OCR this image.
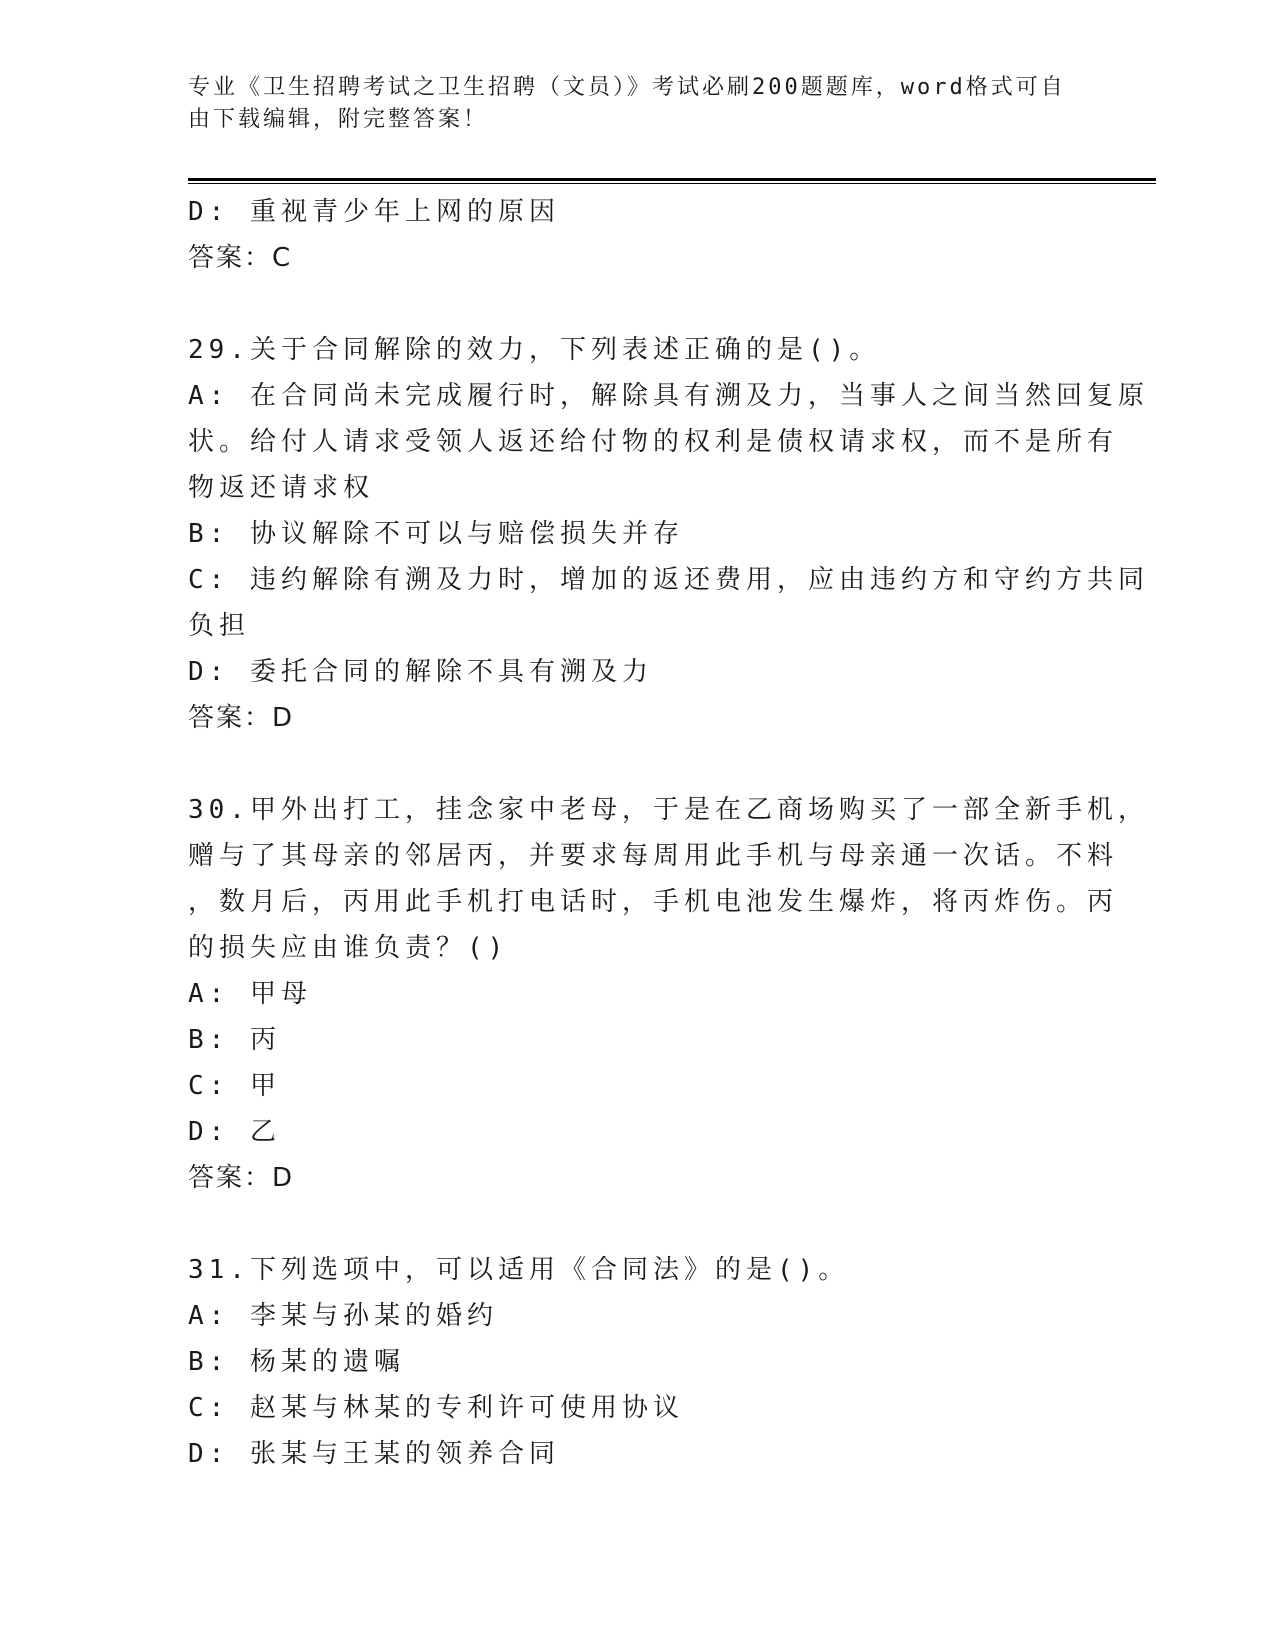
专业《卫生招聘考试之卫生招聘（文员）》考试必刷200题题库，word格式可自
由下载编辑，附完整答案！
D: 重视青少年上网的原因
答案：C
29.关于合同解除的效力，下列表述正确的是()。
A: 在合同尚未完成履行时，解除具有溯及力，当事人之间当然回复原
状。给付人请求受领人返还给付物的权利是债权请求权，而不是所有
物返还请求权
B: 协议解除不可以与赔偿损失并存
C: 违约解除有溯及力时，增加的返还费用，应由违约方和守约方共同
负担
D: 委托合同的解除不具有溯及力
答案：D
30.甲外出打工，挂念家中老母，于是在乙商场购买了一部全新手机，
赠与了其母亲的邻居丙，并要求每周用此手机与母亲通一次话。不料
，数月后，丙用此手机打电话时，手机电池发生爆炸，将丙炸伤。丙
的损失应由谁负责？()
A: 甲母
B: 丙
C: 甲
D: 乙
答案：D
31.下列选项中，可以适用《合同法》的是()。
A: 李某与孙某的婚约
B: 杨某的遗嘱
C: 赵某与林某的专利许可使用协议
D: 张某与王某的领养合同
